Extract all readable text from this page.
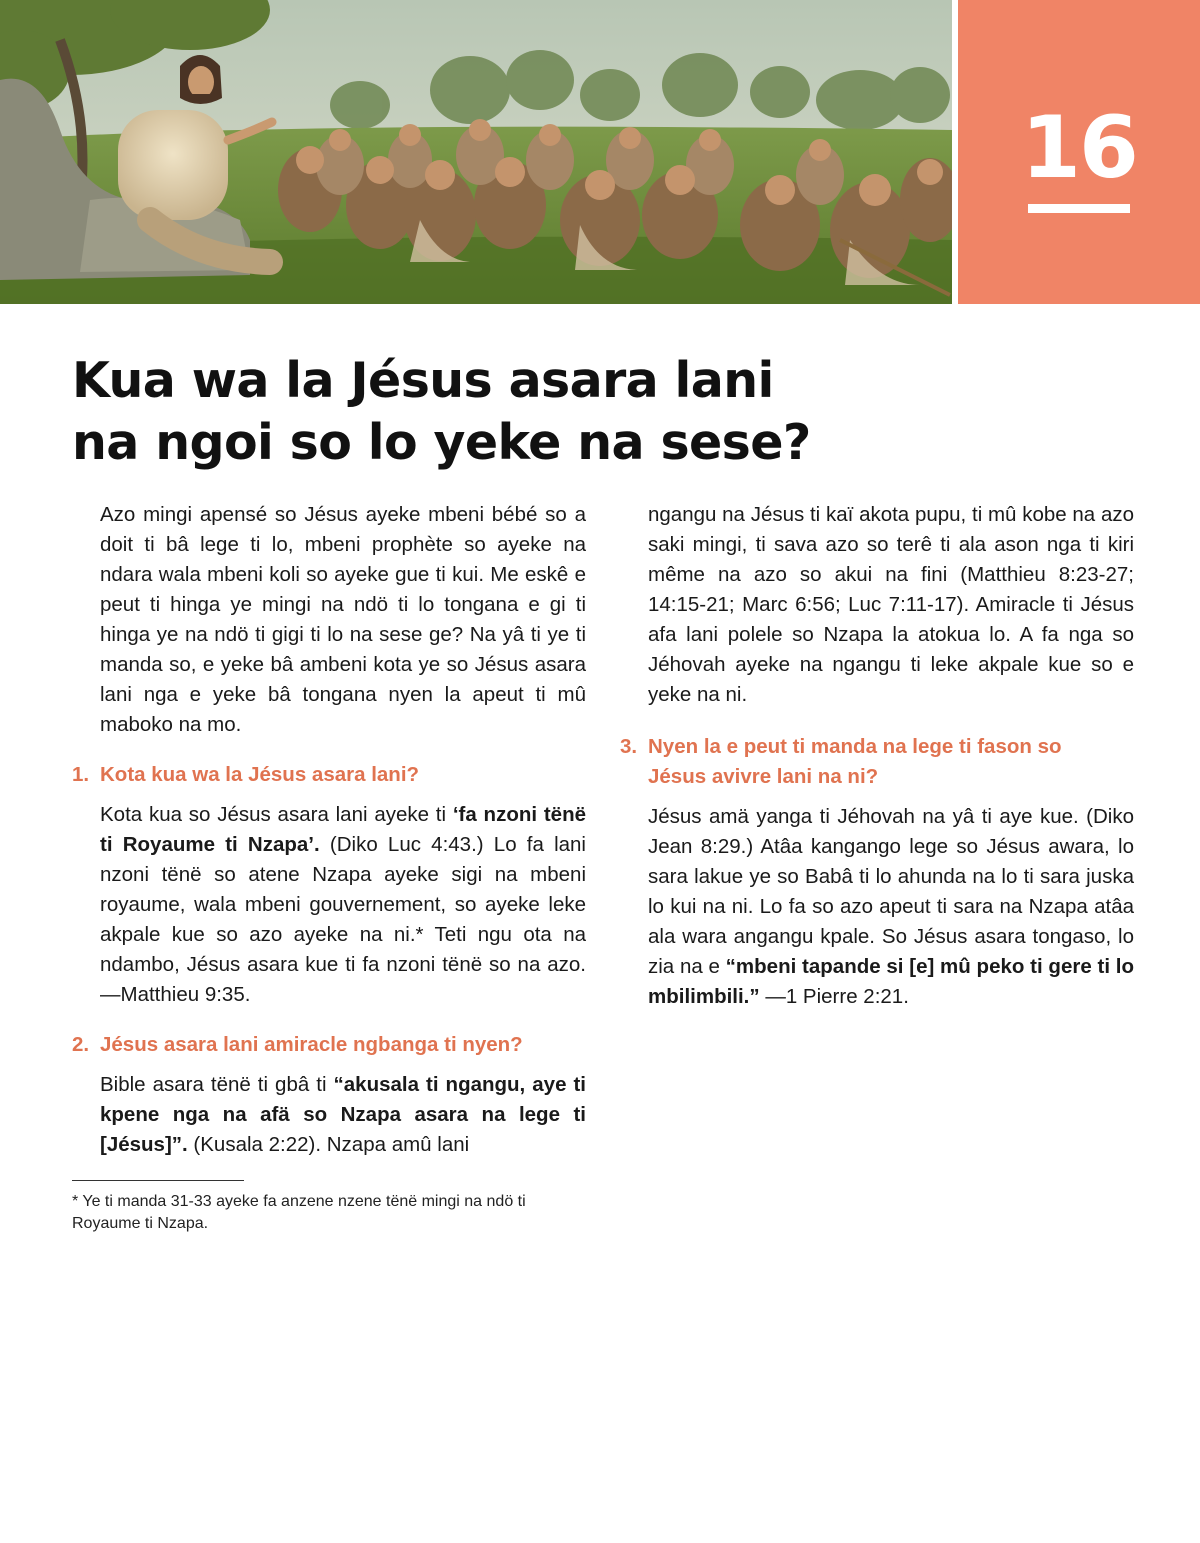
16
Kua wa la Jésus asara lani
na ngoi so lo yeke na sese?

Azo mingi apensé so Jésus ayeke mbeni bébé so a doit ti bâ lege ti lo, mbeni prophète so ayeke na ndara wala mbeni koli so ayeke gue ti kui. Me eskê e peut ti hinga ye mingi na ndö ti lo tongana e gi ti hinga ye na ndö ti gigi ti lo na sese ge? Na yâ ti ye ti manda so, e yeke bâ ambeni kota ye so Jésus asara lani nga e yeke bâ tongana nyen la apeut ti mû maboko na mo.

1. Kota kua wa la Jésus asara lani?

Kota kua so Jésus asara lani ayeke ti ‘fa nzoni tënë ti Royaume ti Nzapa’. (Diko Luc 4:43.) Lo fa lani nzoni tënë so atene Nzapa ayeke sigi na mbeni royaume, wala mbeni gouvernement, so ayeke leke akpale kue so azo ayeke na ni.* Teti ngu ota na ndambo, Jésus asara kue ti fa nzoni tënë so na azo.—Matthieu 9:35.

2. Jésus asara lani amiracle ngbanga ti nyen?

Bible asara tënë ti gbâ ti “akusala ti ngangu, aye ti kpene nga na afä so Nzapa asara na lege ti [Jésus]”. (Kusala 2:22). Nzapa amû lani

* Ye ti manda 31-33 ayeke fa anzene nzene tënë mingi na ndö ti Royaume ti Nzapa.

ngangu na Jésus ti kaï akota pupu, ti mû kobe na azo saki mingi, ti sava azo so terê ti ala ason nga ti kiri même na azo so akui na fini (Matthieu 8:23-27; 14:15-21; Marc 6:56; Luc 7:11-17). Amiracle ti Jésus afa lani polele so Nzapa la atokua lo. A fa nga so Jéhovah ayeke na ngangu ti leke akpale kue so e yeke na ni.

3. Nyen la e peut ti manda na lege ti fason so
Jésus avivre lani na ni?

Jésus amä yanga ti Jéhovah na yâ ti aye kue. (Diko Jean 8:29.) Atâa kangango lege so Jésus awara, lo sara lakue ye so Babâ ti lo ahunda na lo ti sara juska lo kui na ni. Lo fa so azo apeut ti sara na Nzapa atâa ala wara angangu kpale. So Jésus asara tongaso, lo zia na e “mbeni tapande si [e] mû peko ti gere ti lo mbilimbili.” —1 Pierre 2:21.
